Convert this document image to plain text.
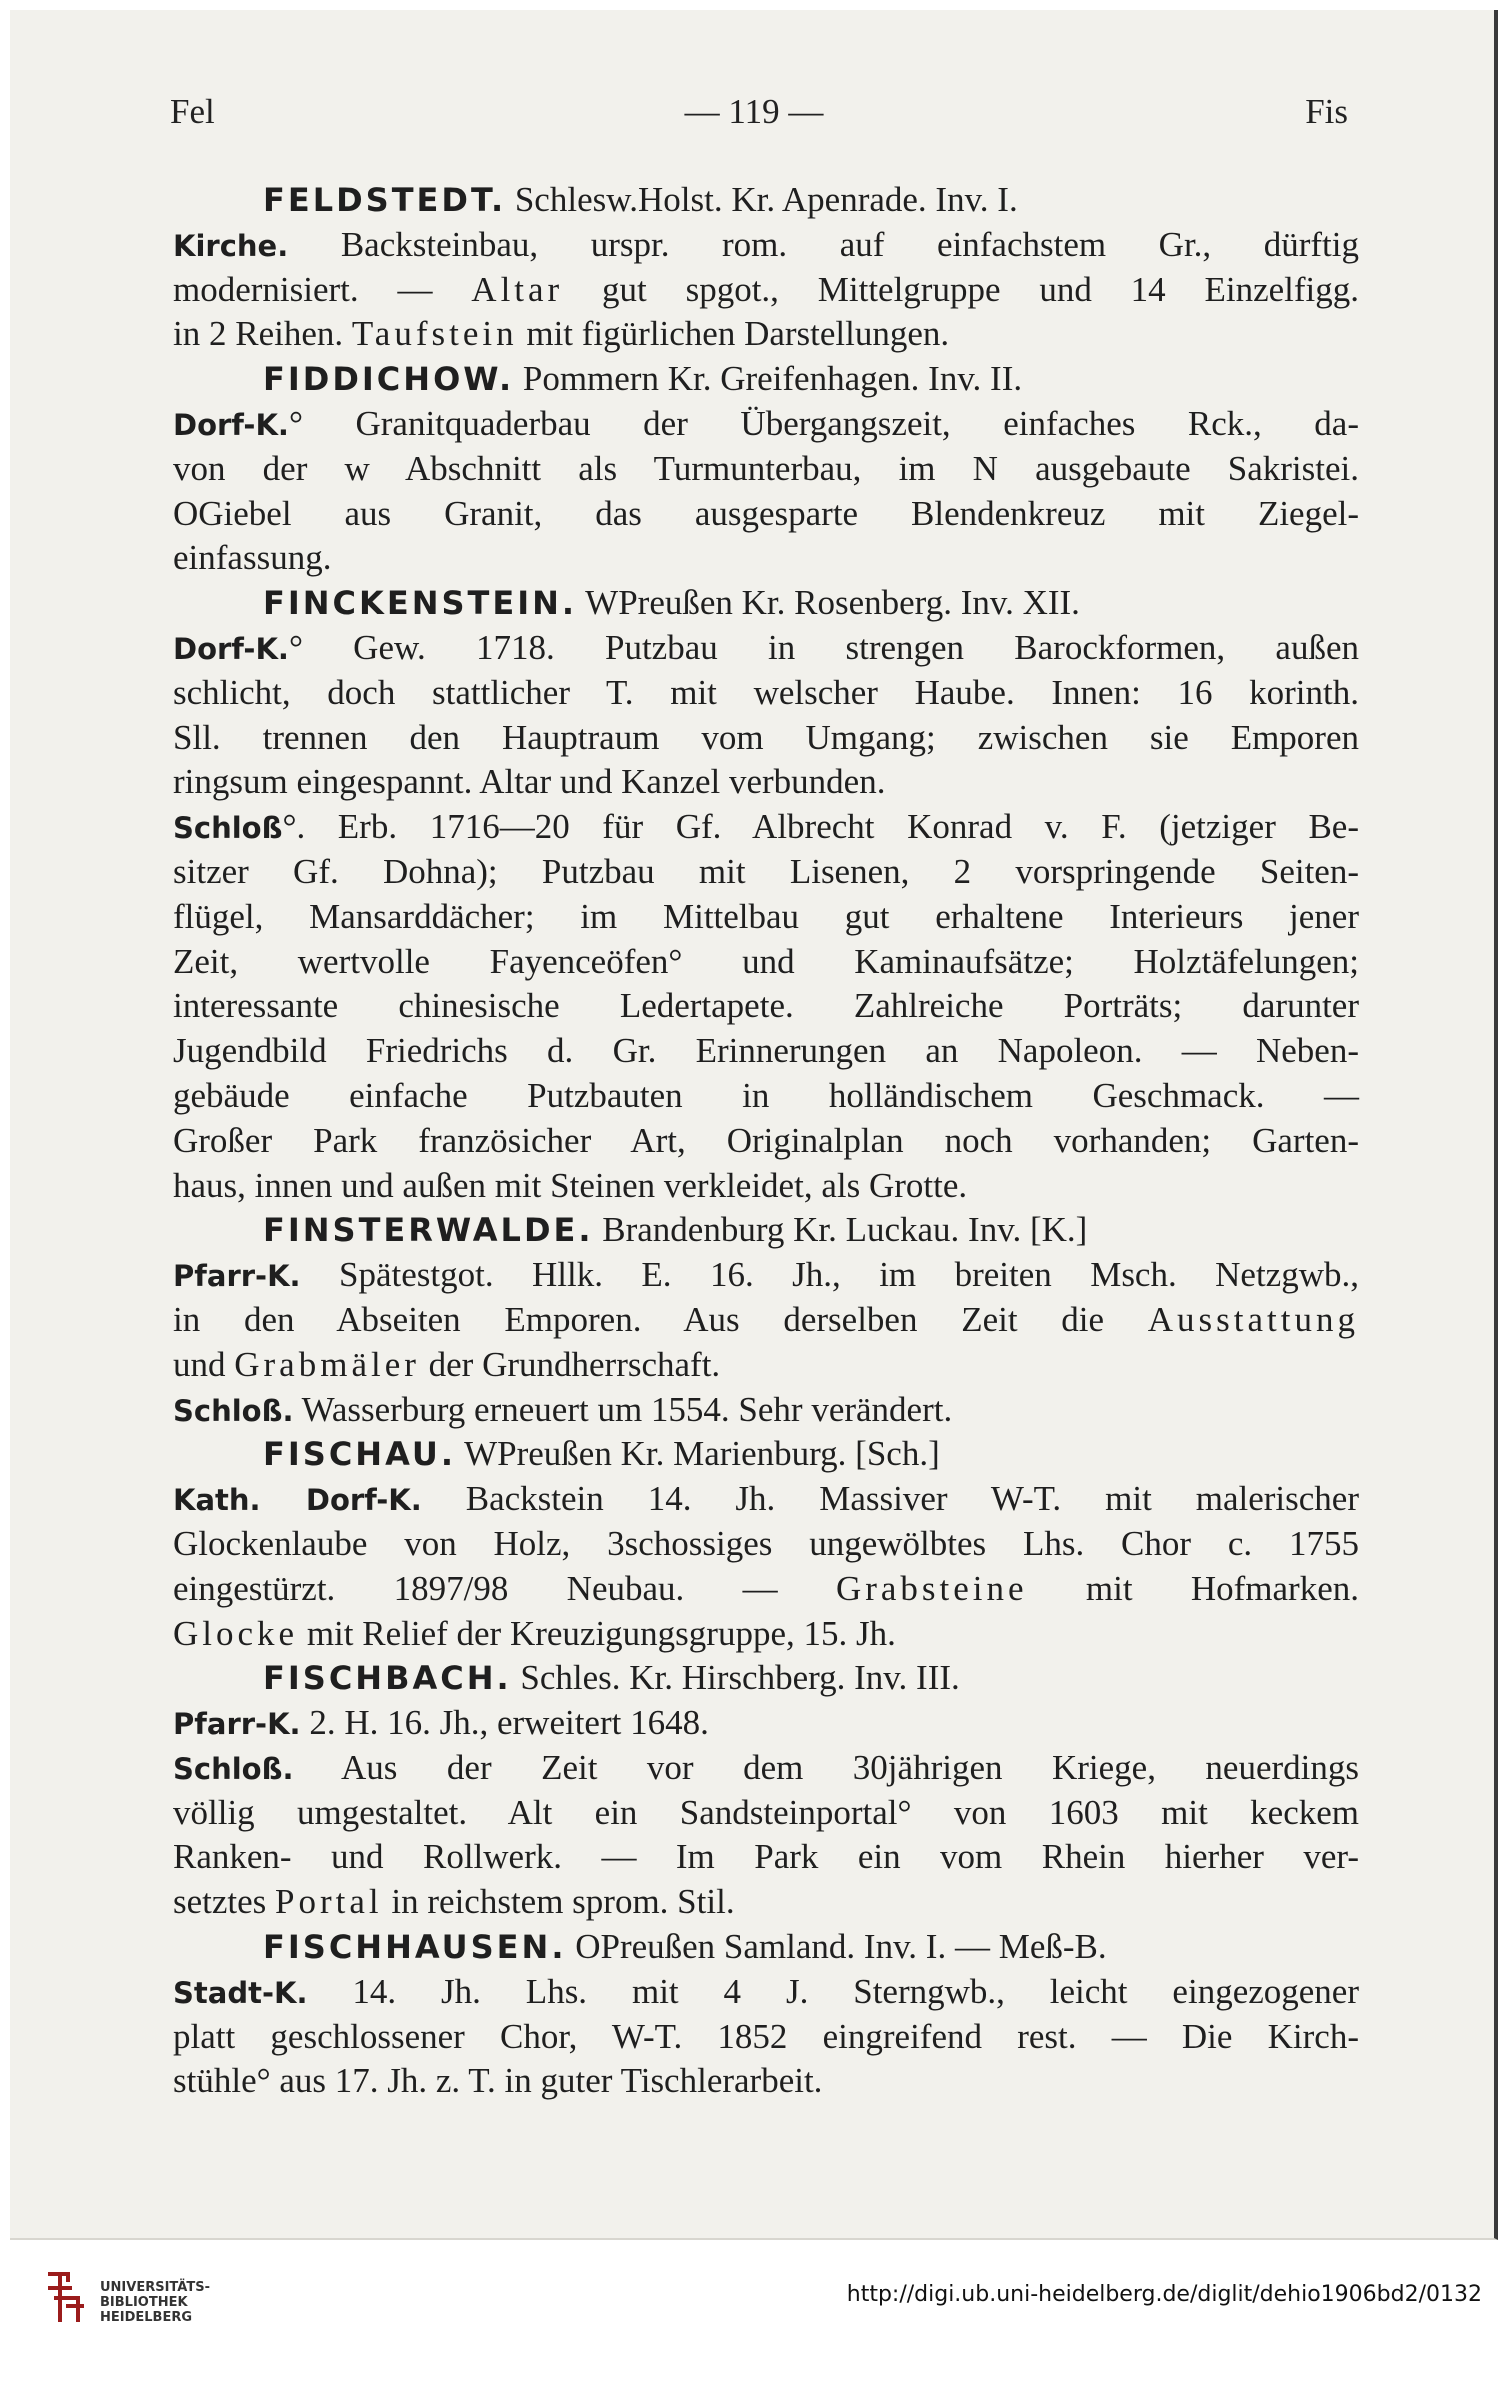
Fel	— 119 —	Fis
FELDSTEDT. Schlesw.Holst. Kr. Apenrade. Inv. I.
Kirche. Backsteinbau, urspr. rom. auf einfachstem Gr., dürftig
modernisiert. — Altar gut spgot., Mittelgruppe und 14 Einzelfigg.
in 2 Reihen. Taufstein mit figürlichen Darstellungen.
FIDDICHOW. Pommern Kr. Greifenhagen. Inv. II.
Dorf-K.° Granitquaderbau der Übergangszeit, einfaches Rck., da-
von der w Abschnitt als Turmunterbau, im N ausgebaute Sakristei.
OGiebel aus Granit, das ausgesparte Blendenkreuz mit Ziegel-
einfassung.
FINCKENSTEIN. WPreußen Kr. Rosenberg. Inv. XII.
Dorf-K.° Gew. 1718. Putzbau in strengen Barockformen, außen
schlicht, doch stattlicher T. mit welscher Haube. Innen: 16 korinth.
Sll. trennen den Hauptraum vom Umgang; zwischen sie Emporen
ringsum eingespannt. Altar und Kanzel verbunden.
Schloß°. Erb. 1716—20 für Gf. Albrecht Konrad v. F. (jetziger Be-
sitzer Gf. Dohna); Putzbau mit Lisenen, 2 vorspringende Seiten-
flügel, Mansarddächer; im Mittelbau gut erhaltene Interieurs jener
Zeit, wertvolle Fayenceöfen° und Kaminaufsätze; Holztäfelungen;
interessante chinesische Ledertapete. Zahlreiche Porträts; darunter
Jugendbild Friedrichs d. Gr. Erinnerungen an Napoleon. — Neben-
gebäude einfache Putzbauten in holländischem Geschmack. —
Großer Park französicher Art, Originalplan noch vorhanden; Garten-
haus, innen und außen mit Steinen verkleidet, als Grotte.
FINSTERWALDE. Brandenburg Kr. Luckau. Inv. [K.]
Pfarr-K. Spätestgot. Hllk. E. 16. Jh., im breiten Msch. Netzgwb.,
in den Abseiten Emporen. Aus derselben Zeit die Ausstattung
und Grabmäler der Grundherrschaft.
Schloß. Wasserburg erneuert um 1554. Sehr verändert.
FISCHAU. WPreußen Kr. Marienburg. [Sch.]
Kath. Dorf-K. Backstein 14. Jh. Massiver W-T. mit malerischer
Glockenlaube von Holz, 3schossiges ungewölbtes Lhs. Chor c. 1755
eingestürzt. 1897/98 Neubau. — Grabsteine mit Hofmarken.
Glocke mit Relief der Kreuzigungsgruppe, 15. Jh.
FISCHBACH. Schles. Kr. Hirschberg. Inv. III.
Pfarr-K. 2. H. 16. Jh., erweitert 1648.
Schloß. Aus der Zeit vor dem 30jährigen Kriege, neuerdings
völlig umgestaltet. Alt ein Sandsteinportal° von 1603 mit keckem
Ranken- und Rollwerk. — Im Park ein vom Rhein hierher ver-
setztes Portal in reichstem sprom. Stil.
FISCHHAUSEN. OPreußen Samland. Inv. I. — Meß-B.
Stadt-K. 14. Jh. Lhs. mit 4 J. Sterngwb., leicht eingezogener
platt geschlossener Chor, W-T. 1852 eingreifend rest. — Die Kirch-
stühle° aus 17. Jh. z. T. in guter Tischlerarbeit.
UNIVERSITÄTS-
BIBLIOTHEK
HEIDELBERG
http://digi.ub.uni-heidelberg.de/diglit/dehio1906bd2/0132
